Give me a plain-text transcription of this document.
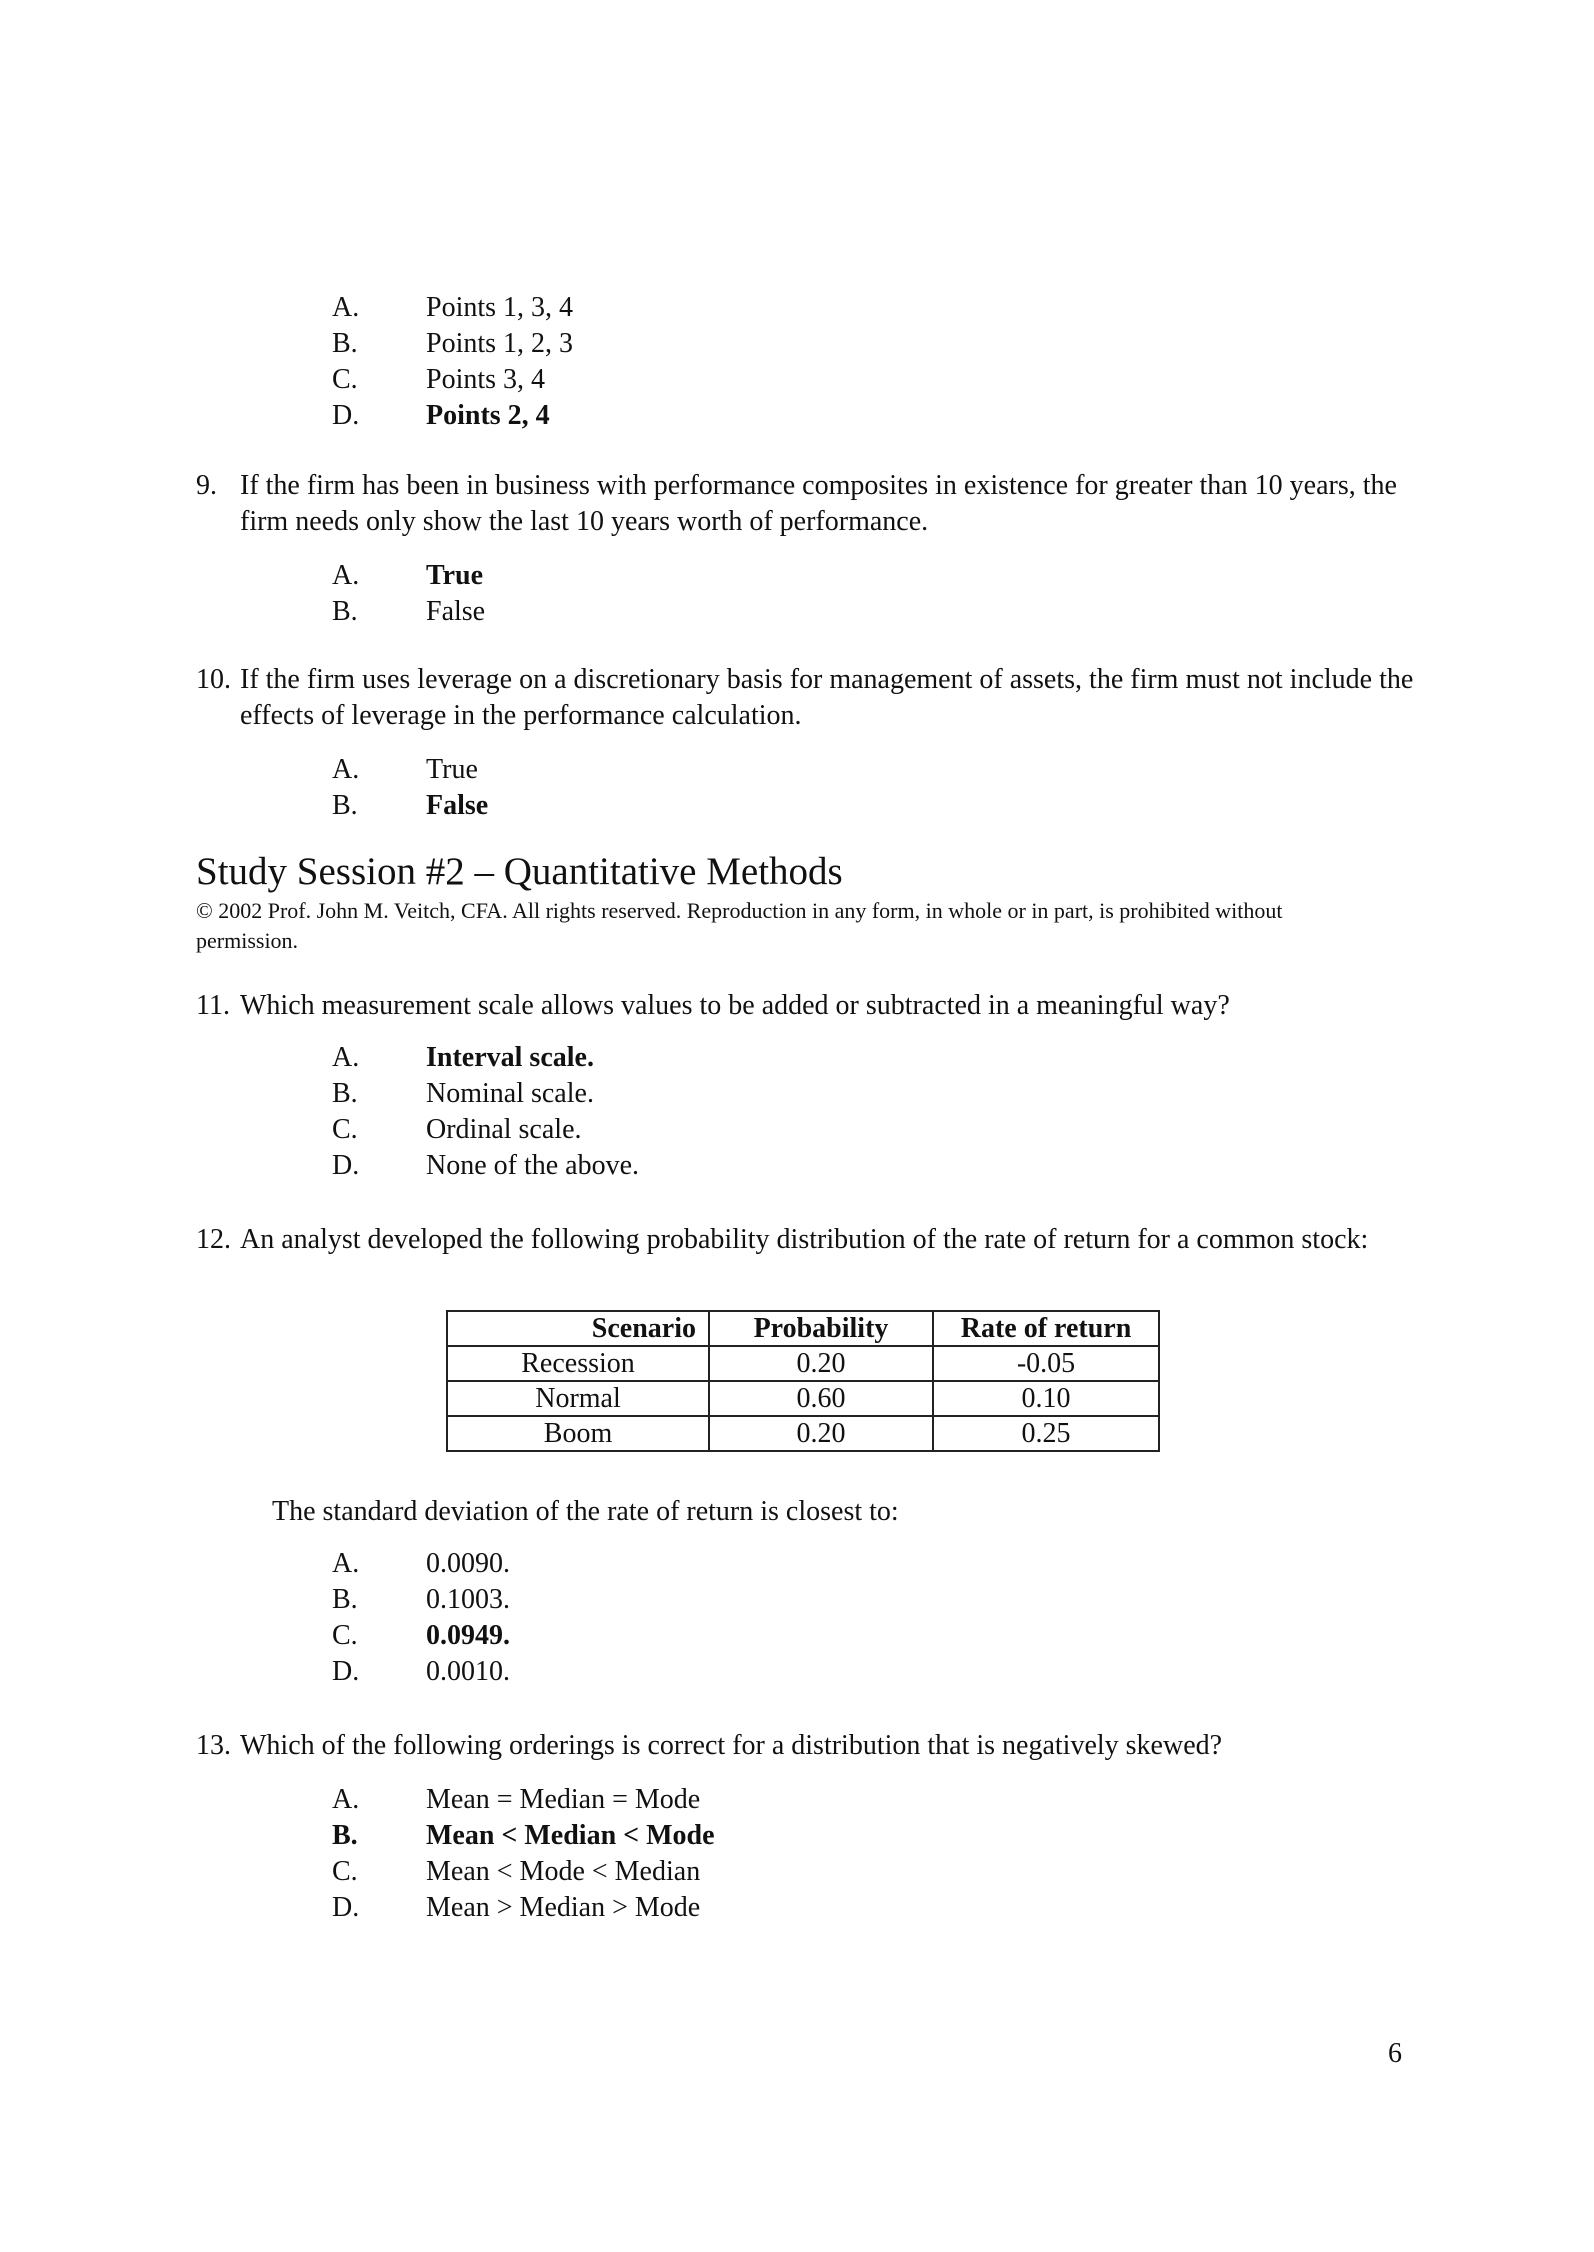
A.	Points 1, 3, 4
B.	Points 1, 2, 3
C.	Points 3, 4
D.	Points 2, 4
9. If the firm has been in business with performance composites in existence for greater than 10 years, the firm needs only show the last 10 years worth of performance.
A.	True
B.	False
10. If the firm uses leverage on a discretionary basis for management of assets, the firm must not include the effects of leverage in the performance calculation.
A.	True
B.	False
Study Session #2 – Quantitative Methods
© 2002 Prof. John M. Veitch, CFA. All rights reserved. Reproduction in any form, in whole or in part, is prohibited without permission.
11. Which measurement scale allows values to be added or subtracted in a meaningful way?
A.	Interval scale.
B.	Nominal scale.
C.	Ordinal scale.
D.	None of the above.
12. An analyst developed the following probability distribution of the rate of return for a common stock:
Scenario	Probability	Rate of return
Recession	0.20	-0.05
Normal	0.60	0.10
Boom	0.20	0.25
The standard deviation of the rate of return is closest to:
A.	0.0090.
B.	0.1003.
C.	0.0949.
D.	0.0010.
13. Which of the following orderings is correct for a distribution that is negatively skewed?
A.	Mean = Median = Mode
B.	Mean < Median < Mode
C.	Mean < Mode < Median
D.	Mean > Median > Mode
6
